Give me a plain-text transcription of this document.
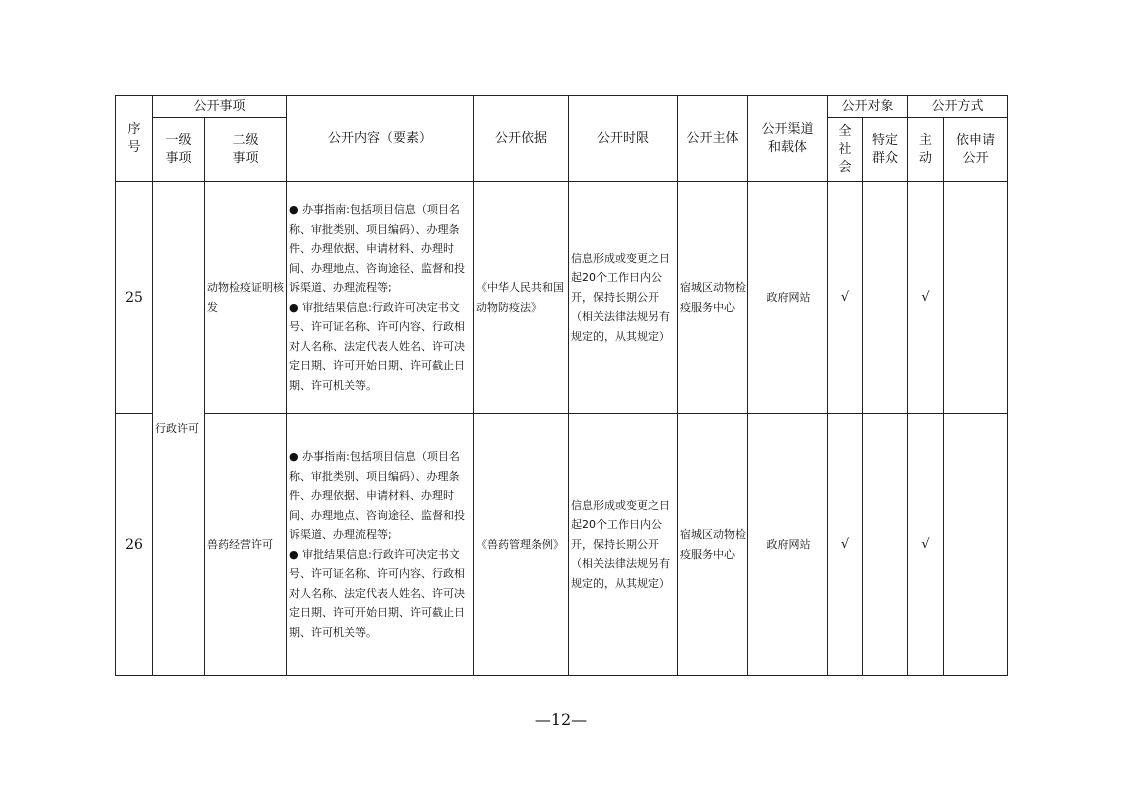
序号	公开事项		公开内容（要素）	公开依据	公开时限	公开主体	公开渠道和载体	公开对象		公开方式	
	一级事项	二级事项						全社会	特定群众	主动	依申请公开
25	行政许可	动物检疫证明核发	● 办事指南:包括项目信息（项目名称、审批类别、项目编码）、办理条件、办理依据、申请材料、办理时间、办理地点、咨询途径、监督和投诉渠道、办理流程等;
● 审批结果信息:行政许可决定书文号、许可证名称、许可内容、行政相对人名称、法定代表人姓名、许可决定日期、许可开始日期、许可截止日期、许可机关等。	《中华人民共和国动物防疫法》	信息形成或变更之日起20个工作日内公开，保持长期公开（相关法律法规另有规定的，从其规定）	宿城区动物检疫服务中心	政府网站	√		√	
26		兽药经营许可	● 办事指南:包括项目信息（项目名称、审批类别、项目编码）、办理条件、办理依据、申请材料、办理时间、办理地点、咨询途径、监督和投诉渠道、办理流程等;
● 审批结果信息:行政许可决定书文号、许可证名称、许可内容、行政相对人名称、法定代表人姓名、许可决定日期、许可开始日期、许可截止日期、许可机关等。	《兽药管理条例》	信息形成或变更之日起20个工作日内公开，保持长期公开（相关法律法规另有规定的，从其规定）	宿城区动物检疫服务中心	政府网站	√		√	
—12—
